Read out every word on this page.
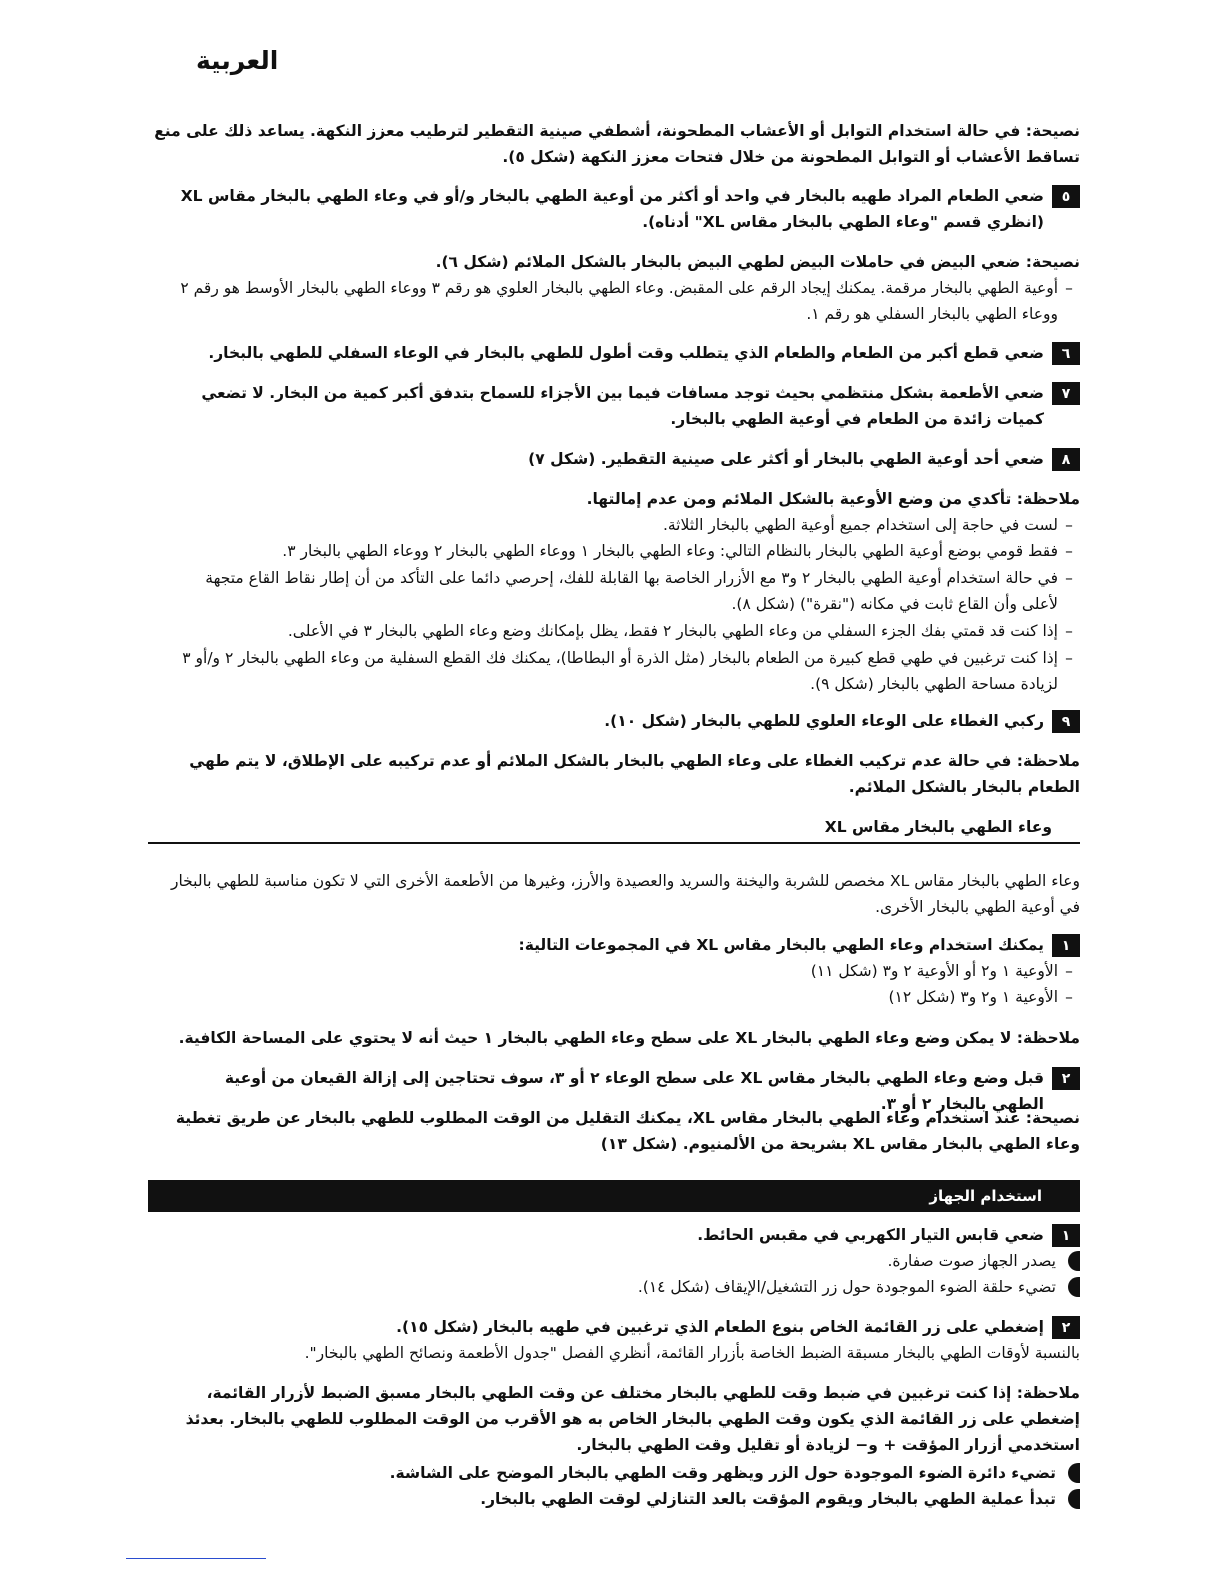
العربية

نصيحة: في حالة استخدام التوابل أو الأعشاب المطحونة، أشطفي صينية التقطير لترطيب معزز النكهة. يساعد ذلك على منع تساقط الأعشاب أو التوابل المطحونة من خلال فتحات معزز النكهة (شكل ٥).

٥

ضعي الطعام المراد طهيه بالبخار في واحد أو أكثر من أوعية الطهي بالبخار و/أو في وعاء الطهي بالبخار مقاس XL (انظري قسم "وعاء الطهي بالبخار مقاس XL" أدناه).

نصيحة: ضعي البيض في حاملات البيض لطهي البيض بالبخار بالشكل الملائم (شكل ٦).

–

أوعية الطهي بالبخار مرقمة. يمكنك إيجاد الرقم على المقبض. وعاء الطهي بالبخار العلوي هو رقم ٣ ووعاء الطهي بالبخار الأوسط هو رقم ٢ ووعاء الطهي بالبخار السفلي هو رقم ١.

٦

ضعي قطع أكبر من الطعام والطعام الذي يتطلب وقت أطول للطهي بالبخار في الوعاء السفلي للطهي بالبخار.

٧

ضعي الأطعمة بشكل منتظمي بحيث توجد مسافات فيما بين الأجزاء للسماح بتدفق أكبر كمية من البخار. لا تضعي كميات زائدة من الطعام في أوعية الطهي بالبخار.

٨

ضعي أحد أوعية الطهي بالبخار أو أكثر على صينية التقطير. (شكل ٧)

ملاحظة: تأكدي من وضع الأوعية بالشكل الملائم ومن عدم إمالتها.

–

لست في حاجة إلى استخدام جميع أوعية الطهي بالبخار الثلاثة.

–

فقط قومي بوضع أوعية الطهي بالبخار بالنظام التالي: وعاء الطهي بالبخار ١ ووعاء الطهي بالبخار ٢ ووعاء الطهي بالبخار ٣.

–

في حالة استخدام أوعية الطهي بالبخار ٢ و٣ مع الأزرار الخاصة بها القابلة للفك، إحرصي دائما على التأكد من أن إطار نقاط القاع متجهة لأعلى وأن القاع ثابت في مكانه ("نقرة") (شكل ٨).

–

إذا كنت قد قمتي بفك الجزء السفلي من وعاء الطهي بالبخار ٢ فقط، يظل بإمكانك وضع وعاء الطهي بالبخار ٣ في الأعلى.

–

إذا كنت ترغبين في طهي قطع كبيرة من الطعام بالبخار (مثل الذرة أو البطاطا)، يمكنك فك القطع السفلية من وعاء الطهي بالبخار ٢ و/أو ٣ لزيادة مساحة الطهي بالبخار (شكل ٩).

٩

ركبي الغطاء على الوعاء العلوي للطهي بالبخار (شكل ١٠).

ملاحظة: في حالة عدم تركيب الغطاء على وعاء الطهي بالبخار بالشكل الملائم أو عدم تركيبه على الإطلاق، لا يتم طهي الطعام بالبخار بالشكل الملائم.

وعاء الطهي بالبخار مقاس XL

وعاء الطهي بالبخار مقاس XL مخصص للشربة واليخنة والسريد والعصيدة والأرز، وغيرها من الأطعمة الأخرى التي لا تكون مناسبة للطهي بالبخار في أوعية الطهي بالبخار الأخرى.

١

يمكنك استخدام وعاء الطهي بالبخار مقاس XL في المجموعات التالية:

–

الأوعية ١ و٢ أو الأوعية ٢ و٣ (شكل ١١)

–

الأوعية ١ و٢ و٣ (شكل ١٢)

ملاحظة: لا يمكن وضع وعاء الطهي بالبخار XL على سطح وعاء الطهي بالبخار ١ حيث أنه لا يحتوي على المساحة الكافية.

٢

قبل وضع وعاء الطهي بالبخار مقاس XL على سطح الوعاء ٢ أو ٣، سوف تحتاجين إلى إزالة القيعان من أوعية الطهي بالبخار ٢ أو ٣.

نصيحة: عند استخدام وعاء الطهي بالبخار مقاس XL، يمكنك التقليل من الوقت المطلوب للطهي بالبخار عن طريق تغطية وعاء الطهي بالبخار مقاس XL بشريحة من الألمنيوم. (شكل ١٣)

استخدام الجهاز
١

ضعي قابس التيار الكهربي في مقبس الحائط.

يصدر الجهاز صوت صفارة.

تضيء حلقة الضوء الموجودة حول زر التشغيل/الإيقاف (شكل ١٤).

٢

إضغطي على زر القائمة الخاص بنوع الطعام الذي ترغبين في طهيه بالبخار (شكل ١٥).

بالنسبة لأوقات الطهي بالبخار مسبقة الضبط الخاصة بأزرار القائمة، أنظري الفصل "جدول الأطعمة ونصائح الطهي بالبخار".

ملاحظة: إذا كنت ترغبين في ضبط وقت للطهي بالبخار مختلف عن وقت الطهي بالبخار مسبق الضبط لأزرار القائمة، إضغطي على زر القائمة الذي يكون وقت الطهي بالبخار الخاص به هو الأقرب من الوقت المطلوب للطهي بالبخار. بعدئذ استخدمي أزرار المؤقت + و− لزيادة أو تقليل وقت الطهي بالبخار.

تضيء دائرة الضوء الموجودة حول الزر ويظهر وقت الطهي بالبخار الموضح على الشاشة.

تبدأ عملية الطهي بالبخار ويقوم المؤقت بالعد التنازلي لوقت الطهي بالبخار.
